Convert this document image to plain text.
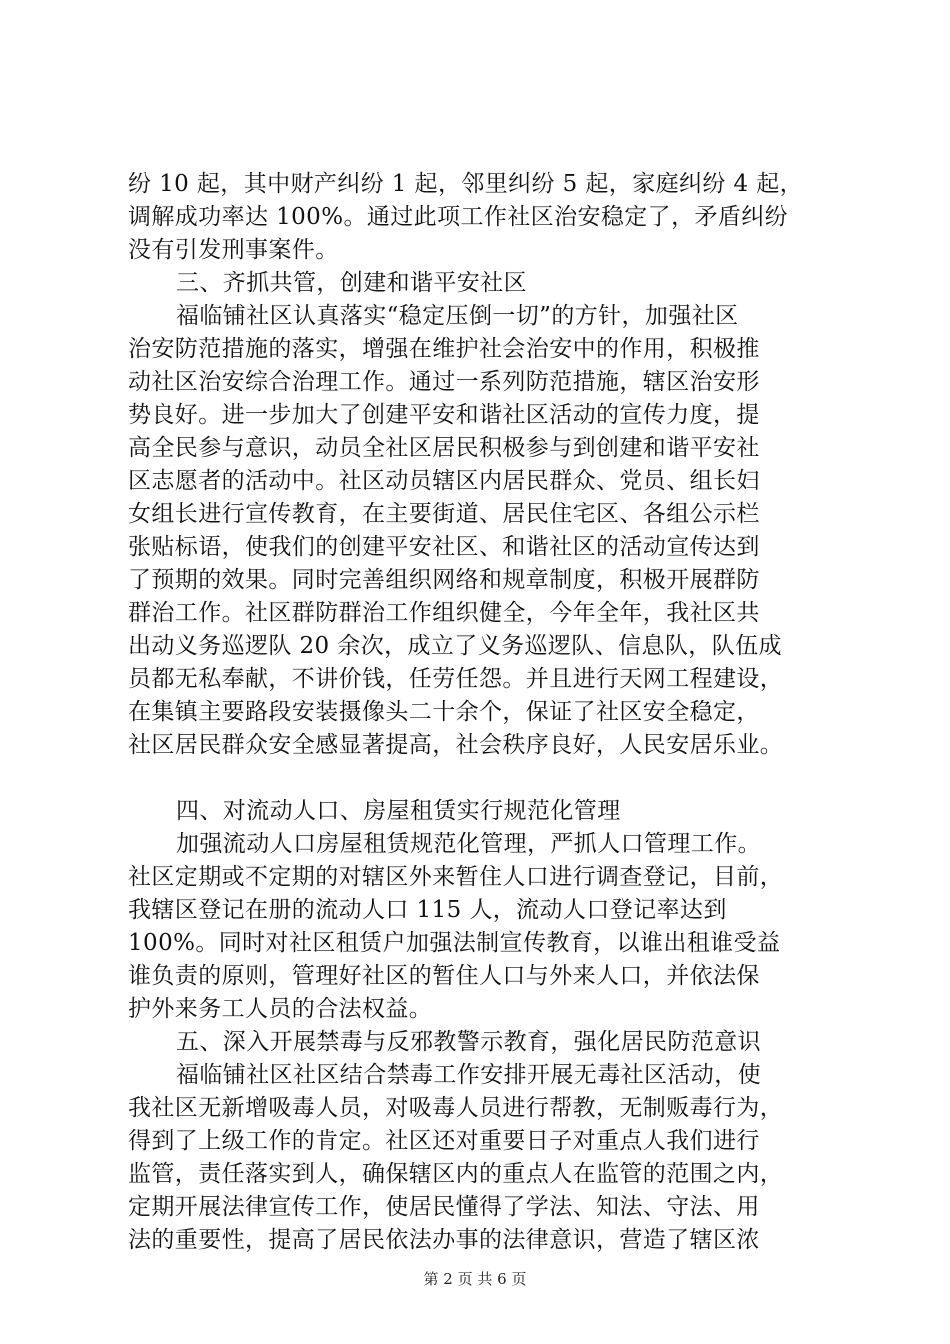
纷 10 起，其中财产纠纷 1 起，邻里纠纷 5 起，家庭纠纷 4 起，
调解成功率达 100%。通过此项工作社区治安稳定了，矛盾纠纷
没有引发刑事案件。
三、齐抓共管，创建和谐平安社区
福临铺社区认真落实“稳定压倒一切”的方针，加强社区
治安防范措施的落实，增强在维护社会治安中的作用，积极推
动社区治安综合治理工作。通过一系列防范措施，辖区治安形
势良好。进一步加大了创建平安和谐社区活动的宣传力度，提
高全民参与意识，动员全社区居民积极参与到创建和谐平安社
区志愿者的活动中。社区动员辖区内居民群众、党员、组长妇
女组长进行宣传教育，在主要街道、居民住宅区、各组公示栏
张贴标语，使我们的创建平安社区、和谐社区的活动宣传达到
了预期的效果。同时完善组织网络和规章制度，积极开展群防
群治工作。社区群防群治工作组织健全，今年全年，我社区共
出动义务巡逻队 20 余次，成立了义务巡逻队、信息队，队伍成
员都无私奉献，不讲价钱，任劳任怨。并且进行天网工程建设，
在集镇主要路段安装摄像头二十余个，保证了社区安全稳定，
社区居民群众安全感显著提高，社会秩序良好，人民安居乐业。
四、对流动人口、房屋租赁实行规范化管理
加强流动人口房屋租赁规范化管理，严抓人口管理工作。
社区定期或不定期的对辖区外来暂住人口进行调查登记，目前，
我辖区登记在册的流动人口 115 人，流动人口登记率达到
100%。同时对社区租赁户加强法制宣传教育，以谁出租谁受益
谁负责的原则，管理好社区的暂住人口与外来人口，并依法保
护外来务工人员的合法权益。
五、深入开展禁毒与反邪教警示教育，强化居民防范意识
福临铺社区社区结合禁毒工作安排开展无毒社区活动，使
我社区无新增吸毒人员，对吸毒人员进行帮教，无制贩毒行为，
得到了上级工作的肯定。社区还对重要日子对重点人我们进行
监管，责任落实到人，确保辖区内的重点人在监管的范围之内，
定期开展法律宣传工作，使居民懂得了学法、知法、守法、用
法的重要性，提高了居民依法办事的法律意识，营造了辖区浓
第 2 页 共 6 页
